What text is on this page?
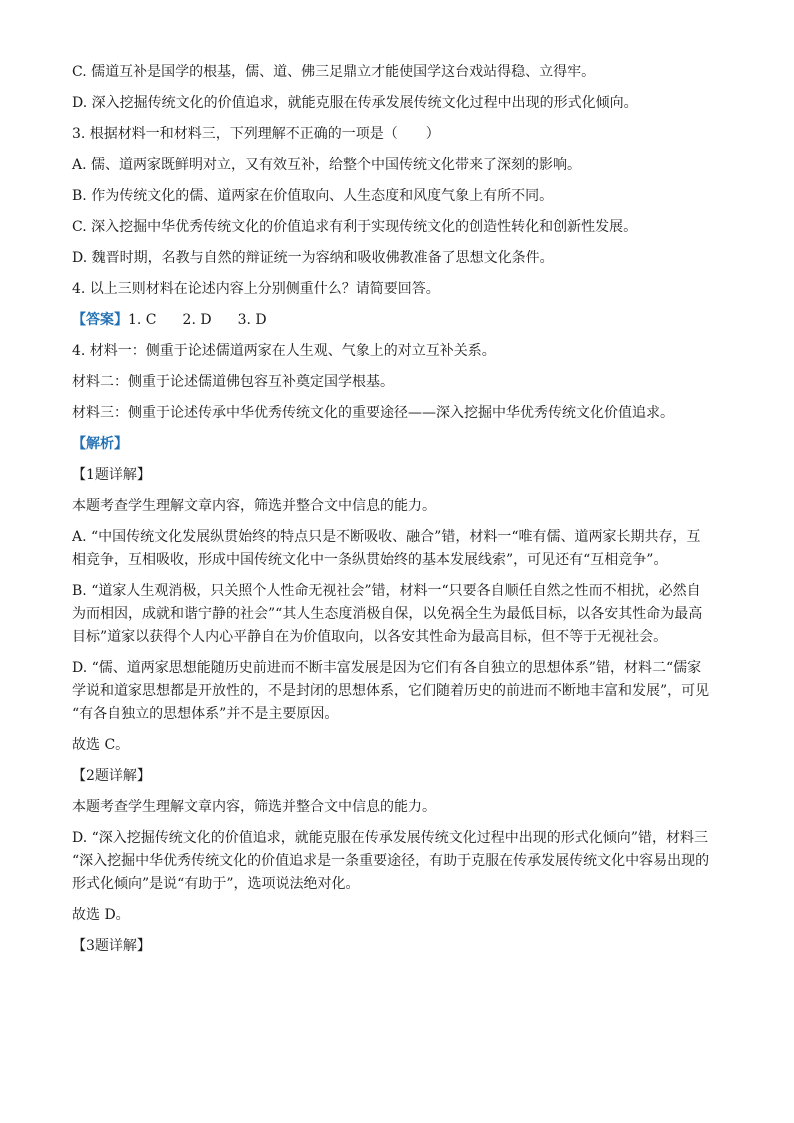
C. 儒道互补是国学的根基，儒、道、佛三足鼎立才能使国学这台戏站得稳、立得牢。

D. 深入挖掘传统文化的价值追求，就能克服在传承发展传统文化过程中出现的形式化倾向。

3. 根据材料一和材料三，下列理解不正确的一项是（　　）

A. 儒、道两家既鲜明对立，又有效互补，给整个中国传统文化带来了深刻的影响。

B. 作为传统文化的儒、道两家在价值取向、人生态度和风度气象上有所不同。

C. 深入挖掘中华优秀传统文化的价值追求有利于实现传统文化的创造性转化和创新性发展。

D. 魏晋时期，名教与自然的辩证统一为容纳和吸收佛教准备了思想文化条件。

4. 以上三则材料在论述内容上分别侧重什么？请简要回答。

【答案】1. C 2. D 3. D

4. 材料一：侧重于论述儒道两家在人生观、气象上的对立互补关系。

材料二：侧重于论述儒道佛包容互补奠定国学根基。

材料三：侧重于论述传承中华优秀传统文化的重要途径——深入挖掘中华优秀传统文化价值追求。

【解析】

【1题详解】

本题考查学生理解文章内容，筛选并整合文中信息的能力。

A. “中国传统文化发展纵贯始终的特点只是不断吸收、融合”错，材料一“唯有儒、道两家长期共存，互

相竞争，互相吸收，形成中国传统文化中一条纵贯始终的基本发展线索”，可见还有“互相竞争”。

B. “道家人生观消极，只关照个人性命无视社会”错，材料一“只要各自顺任自然之性而不相扰，必然自

为而相因，成就和谐宁静的社会”“其人生态度消极自保，以免祸全生为最低目标，以各安其性命为最高

目标”道家以获得个人内心平静自在为价值取向，以各安其性命为最高目标，但不等于无视社会。

D. “儒、道两家思想能随历史前进而不断丰富发展是因为它们有各自独立的思想体系”错，材料二“儒家

学说和道家思想都是开放性的，不是封闭的思想体系，它们随着历史的前进而不断地丰富和发展”，可见

“有各自独立的思想体系”并不是主要原因。

故选 C。

【2题详解】

本题考查学生理解文章内容，筛选并整合文中信息的能力。

D. “深入挖掘传统文化的价值追求，就能克服在传承发展传统文化过程中出现的形式化倾向”错，材料三

“深入挖掘中华优秀传统文化的价值追求是一条重要途径，有助于克服在传承发展传统文化中容易出现的

形式化倾向”是说“有助于”，选项说法绝对化。

故选 D。

【3题详解】
